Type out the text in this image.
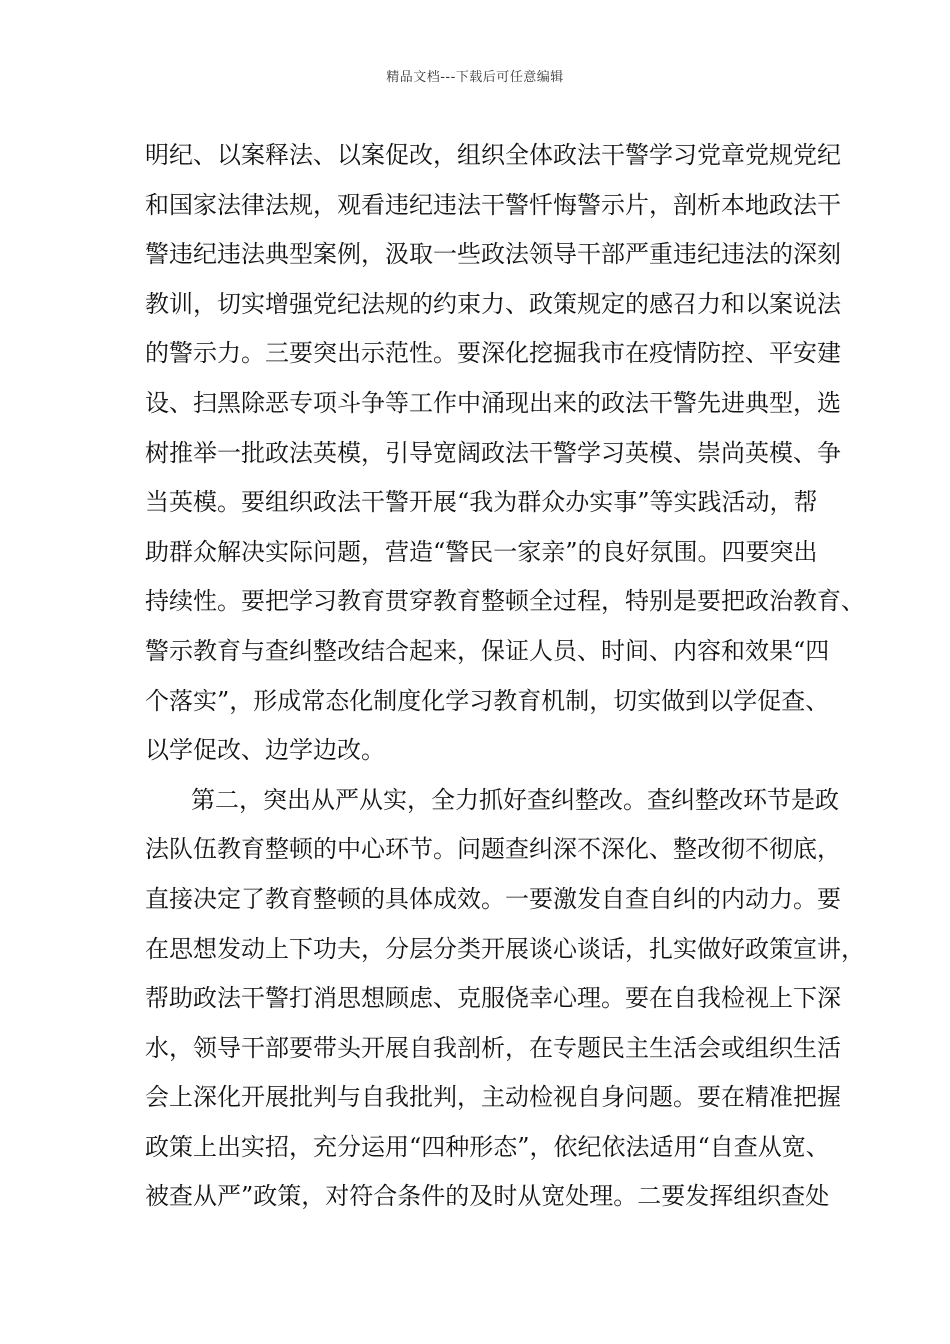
精品文档---下载后可任意编辑
明纪、以案释法、以案促改，组织全体政法干警学习党章党规党纪
和国家法律法规，观看违纪违法干警忏悔警示片，剖析本地政法干
警违纪违法典型案例，汲取一些政法领导干部严重违纪违法的深刻
教训，切实增强党纪法规的约束力、政策规定的感召力和以案说法
的警示力。三要突出示范性。要深化挖掘我市在疫情防控、平安建
设、扫黑除恶专项斗争等工作中涌现出来的政法干警先进典型，选
树推举一批政法英模，引导宽阔政法干警学习英模、崇尚英模、争
当英模。要组织政法干警开展“我为群众办实事”等实践活动，帮
助群众解决实际问题，营造“警民一家亲”的良好氛围。四要突出
持续性。要把学习教育贯穿教育整顿全过程，特别是要把政治教育、
警示教育与查纠整改结合起来，保证人员、时间、内容和效果“四
个落实”，形成常态化制度化学习教育机制，切实做到以学促查、
以学促改、边学边改。
第二，突出从严从实，全力抓好查纠整改。查纠整改环节是政
法队伍教育整顿的中心环节。问题查纠深不深化、整改彻不彻底，
直接决定了教育整顿的具体成效。一要激发自查自纠的内动力。要
在思想发动上下功夫，分层分类开展谈心谈话，扎实做好政策宣讲，
帮助政法干警打消思想顾虑、克服侥幸心理。要在自我检视上下深
水，领导干部要带头开展自我剖析，在专题民主生活会或组织生活
会上深化开展批判与自我批判，主动检视自身问题。要在精准把握
政策上出实招，充分运用“四种形态”，依纪依法适用“自查从宽、
被查从严”政策，对符合条件的及时从宽处理。二要发挥组织查处
